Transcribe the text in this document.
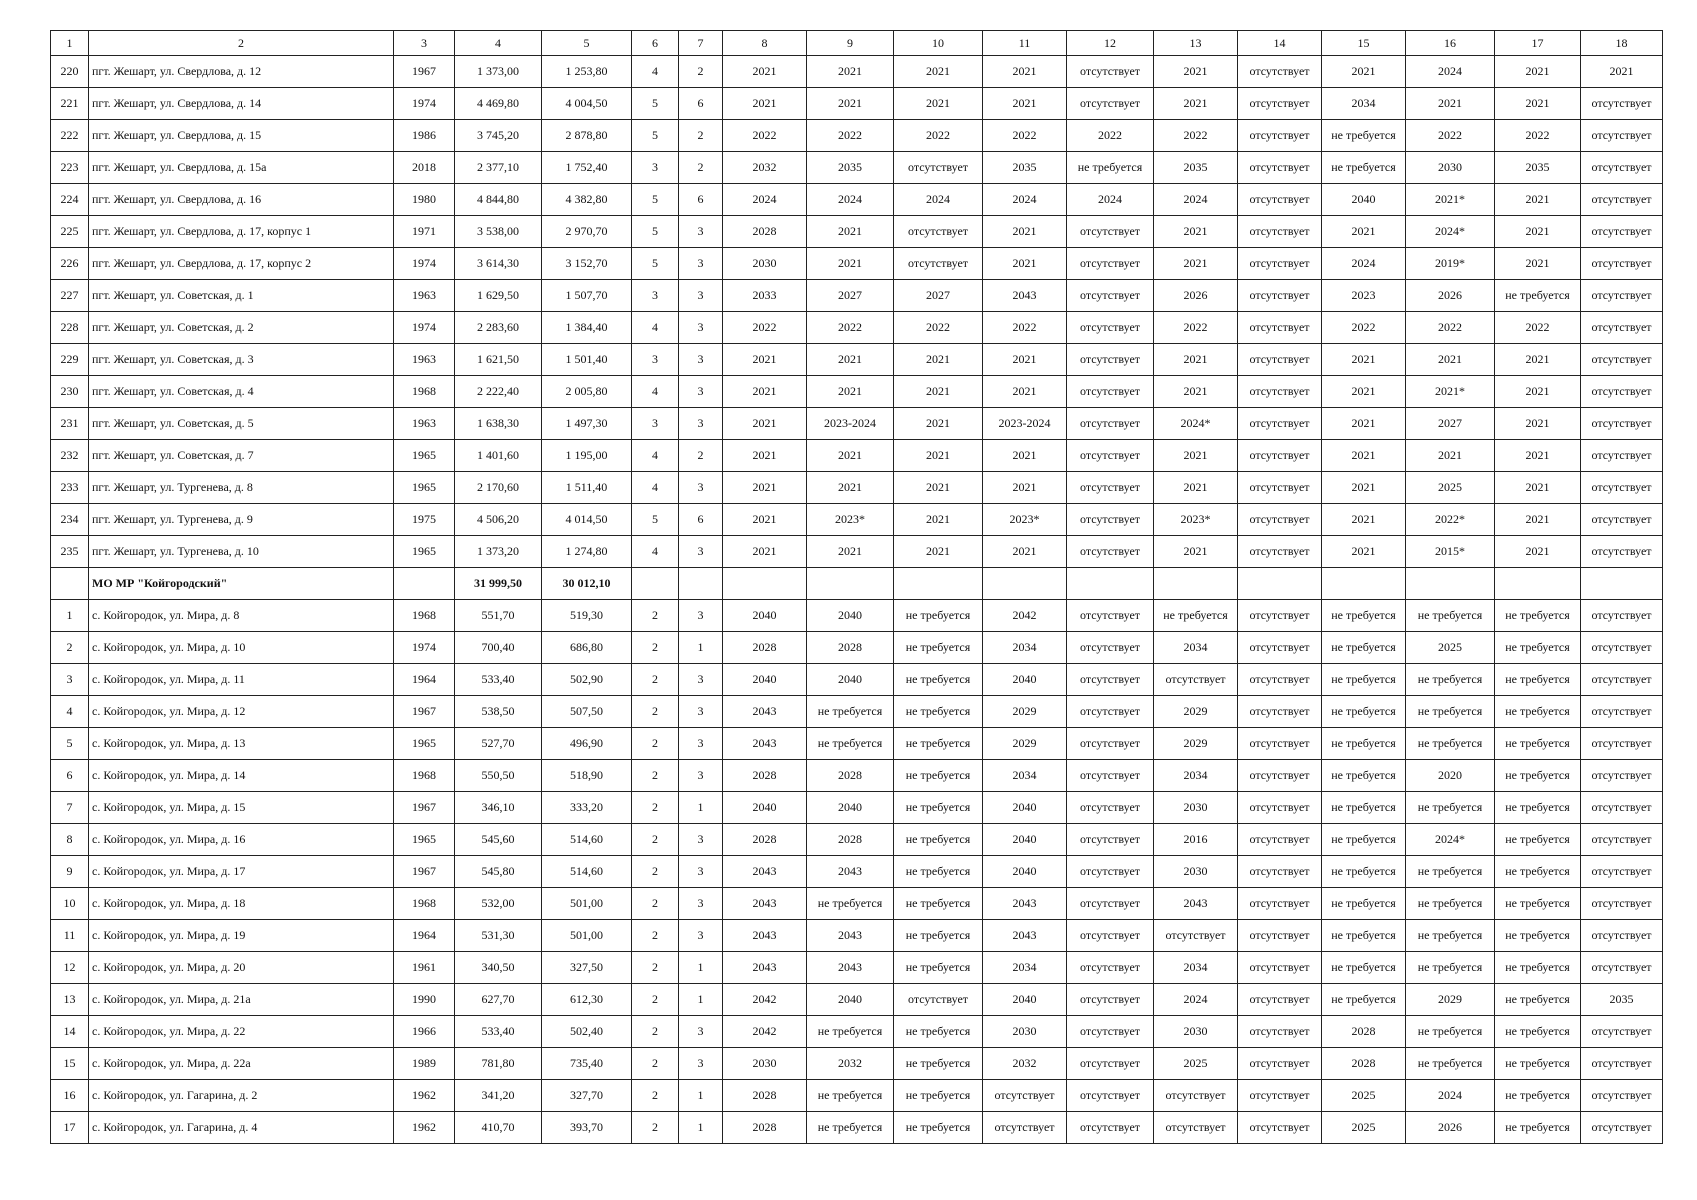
1	2	3	4	5	6	7	8	9	10	11	12	13	14	15	16	17	18
220	пгт. Жешарт, ул. Свердлова, д. 12	1967	1 373,00	1 253,80	4	2	2021	2021	2021	2021	отсутствует	2021	отсутствует	2021	2024	2021	2021
221	пгт. Жешарт, ул. Свердлова, д. 14	1974	4 469,80	4 004,50	5	6	2021	2021	2021	2021	отсутствует	2021	отсутствует	2034	2021	2021	отсутствует
222	пгт. Жешарт, ул. Свердлова, д. 15	1986	3 745,20	2 878,80	5	2	2022	2022	2022	2022	2022	2022	отсутствует	не требуется	2022	2022	отсутствует
223	пгт. Жешарт, ул. Свердлова, д. 15а	2018	2 377,10	1 752,40	3	2	2032	2035	отсутствует	2035	не требуется	2035	отсутствует	не требуется	2030	2035	отсутствует
224	пгт. Жешарт, ул. Свердлова, д. 16	1980	4 844,80	4 382,80	5	6	2024	2024	2024	2024	2024	2024	отсутствует	2040	2021*	2021	отсутствует
225	пгт. Жешарт, ул. Свердлова, д. 17, корпус 1	1971	3 538,00	2 970,70	5	3	2028	2021	отсутствует	2021	отсутствует	2021	отсутствует	2021	2024*	2021	отсутствует
226	пгт. Жешарт, ул. Свердлова, д. 17, корпус 2	1974	3 614,30	3 152,70	5	3	2030	2021	отсутствует	2021	отсутствует	2021	отсутствует	2024	2019*	2021	отсутствует
227	пгт. Жешарт, ул. Советская, д. 1	1963	1 629,50	1 507,70	3	3	2033	2027	2027	2043	отсутствует	2026	отсутствует	2023	2026	не требуется	отсутствует
228	пгт. Жешарт, ул. Советская, д. 2	1974	2 283,60	1 384,40	4	3	2022	2022	2022	2022	отсутствует	2022	отсутствует	2022	2022	2022	отсутствует
229	пгт. Жешарт, ул. Советская, д. 3	1963	1 621,50	1 501,40	3	3	2021	2021	2021	2021	отсутствует	2021	отсутствует	2021	2021	2021	отсутствует
230	пгт. Жешарт, ул. Советская, д. 4	1968	2 222,40	2 005,80	4	3	2021	2021	2021	2021	отсутствует	2021	отсутствует	2021	2021*	2021	отсутствует
231	пгт. Жешарт, ул. Советская, д. 5	1963	1 638,30	1 497,30	3	3	2021	2023-2024	2021	2023-2024	отсутствует	2024*	отсутствует	2021	2027	2021	отсутствует
232	пгт. Жешарт, ул. Советская, д. 7	1965	1 401,60	1 195,00	4	2	2021	2021	2021	2021	отсутствует	2021	отсутствует	2021	2021	2021	отсутствует
233	пгт. Жешарт, ул. Тургенева, д. 8	1965	2 170,60	1 511,40	4	3	2021	2021	2021	2021	отсутствует	2021	отсутствует	2021	2025	2021	отсутствует
234	пгт. Жешарт, ул. Тургенева, д. 9	1975	4 506,20	4 014,50	5	6	2021	2023*	2021	2023*	отсутствует	2023*	отсутствует	2021	2022*	2021	отсутствует
235	пгт. Жешарт, ул. Тургенева, д. 10	1965	1 373,20	1 274,80	4	3	2021	2021	2021	2021	отсутствует	2021	отсутствует	2021	2015*	2021	отсутствует
	МО МР "Койгородский"		31 999,50	30 012,10													
1	с. Койгородок, ул. Мира, д. 8	1968	551,70	519,30	2	3	2040	2040	не требуется	2042	отсутствует	не требуется	отсутствует	не требуется	не требуется	не требуется	отсутствует
2	с. Койгородок, ул. Мира, д. 10	1974	700,40	686,80	2	1	2028	2028	не требуется	2034	отсутствует	2034	отсутствует	не требуется	2025	не требуется	отсутствует
3	с. Койгородок, ул. Мира, д. 11	1964	533,40	502,90	2	3	2040	2040	не требуется	2040	отсутствует	отсутствует	отсутствует	не требуется	не требуется	не требуется	отсутствует
4	с. Койгородок, ул. Мира, д. 12	1967	538,50	507,50	2	3	2043	не требуется	не требуется	2029	отсутствует	2029	отсутствует	не требуется	не требуется	не требуется	отсутствует
5	с. Койгородок, ул. Мира, д. 13	1965	527,70	496,90	2	3	2043	не требуется	не требуется	2029	отсутствует	2029	отсутствует	не требуется	не требуется	не требуется	отсутствует
6	с. Койгородок, ул. Мира, д. 14	1968	550,50	518,90	2	3	2028	2028	не требуется	2034	отсутствует	2034	отсутствует	не требуется	2020	не требуется	отсутствует
7	с. Койгородок, ул. Мира, д. 15	1967	346,10	333,20	2	1	2040	2040	не требуется	2040	отсутствует	2030	отсутствует	не требуется	не требуется	не требуется	отсутствует
8	с. Койгородок, ул. Мира, д. 16	1965	545,60	514,60	2	3	2028	2028	не требуется	2040	отсутствует	2016	отсутствует	не требуется	2024*	не требуется	отсутствует
9	с. Койгородок, ул. Мира, д. 17	1967	545,80	514,60	2	3	2043	2043	не требуется	2040	отсутствует	2030	отсутствует	не требуется	не требуется	не требуется	отсутствует
10	с. Койгородок, ул. Мира, д. 18	1968	532,00	501,00	2	3	2043	не требуется	не требуется	2043	отсутствует	2043	отсутствует	не требуется	не требуется	не требуется	отсутствует
11	с. Койгородок, ул. Мира, д. 19	1964	531,30	501,00	2	3	2043	2043	не требуется	2043	отсутствует	отсутствует	отсутствует	не требуется	не требуется	не требуется	отсутствует
12	с. Койгородок, ул. Мира, д. 20	1961	340,50	327,50	2	1	2043	2043	не требуется	2034	отсутствует	2034	отсутствует	не требуется	не требуется	не требуется	отсутствует
13	с. Койгородок, ул. Мира, д. 21а	1990	627,70	612,30	2	1	2042	2040	отсутствует	2040	отсутствует	2024	отсутствует	не требуется	2029	не требуется	2035
14	с. Койгородок, ул. Мира, д. 22	1966	533,40	502,40	2	3	2042	не требуется	не требуется	2030	отсутствует	2030	отсутствует	2028	не требуется	не требуется	отсутствует
15	с. Койгородок, ул. Мира, д. 22а	1989	781,80	735,40	2	3	2030	2032	не требуется	2032	отсутствует	2025	отсутствует	2028	не требуется	не требуется	отсутствует
16	с. Койгородок, ул. Гагарина, д. 2	1962	341,20	327,70	2	1	2028	не требуется	не требуется	отсутствует	отсутствует	отсутствует	отсутствует	2025	2024	не требуется	отсутствует
17	с. Койгородок, ул. Гагарина, д. 4	1962	410,70	393,70	2	1	2028	не требуется	не требуется	отсутствует	отсутствует	отсутствует	отсутствует	2025	2026	не требуется	отсутствует
